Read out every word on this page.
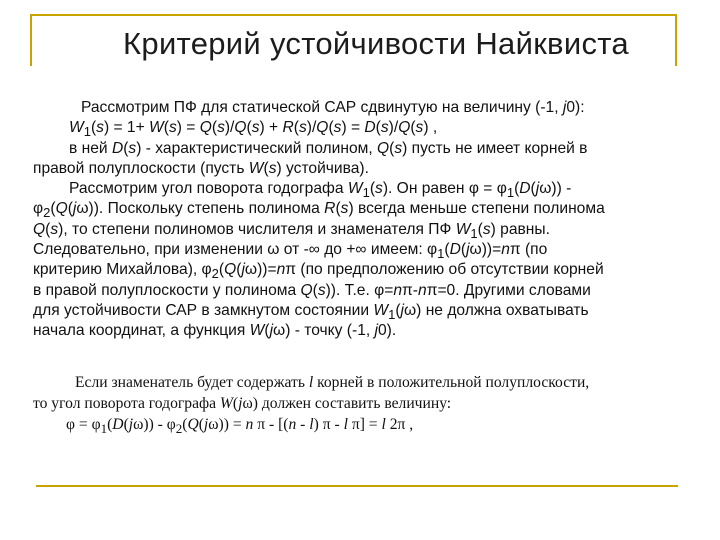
Критерий устойчивости Найквиста
Рассмотрим ПФ для статической САР сдвинутую на величину (-1, j0):
$W_1(s) = 1+ W(s) = Q(s)/Q(s) + R(s)/Q(s) = D(s)/Q(s)$ ,
в ней D(s) - характеристический полином, Q(s) пусть не имеет корней в
правой полуплоскости (пусть W(s) устойчива).
Рассмотрим угол поворота годографа $W_1(s)$. Он равен $\varphi = \varphi_1(D(j\omega))$ -
$\varphi_2(Q(j\omega))$. Поскольку степень полинома R(s) всегда меньше степени полинома
Q(s), то степени полиномов числителя и знаменателя ПФ $W_1(s)$ равны.
Следовательно, при изменении ω от -∞ до +∞ имеем: $\varphi_1(D(j\omega))=n\pi$ (по
критерию Михайлова), $\varphi_2(Q(j\omega))=n\pi$ (по предположению об отсутствии корней
в правой полуплоскости у полинома Q(s)). Т.е. φ=nπ-nπ=0. Другими словами
для устойчивости САР в замкнутом состоянии $W_1(j\omega)$ не должна охватывать
начала координат, а функция W(jω) - точку (-1, j0).
Если знаменатель будет содержать l корней в положительной полуплоскости,
то угол поворота годографа W(jω) должен составить величину:
$\varphi = \varphi_1(D(j\omega)) - \varphi_2(Q(j\omega)) = n$ π - [(n - l) π - l π] = l 2π ,
